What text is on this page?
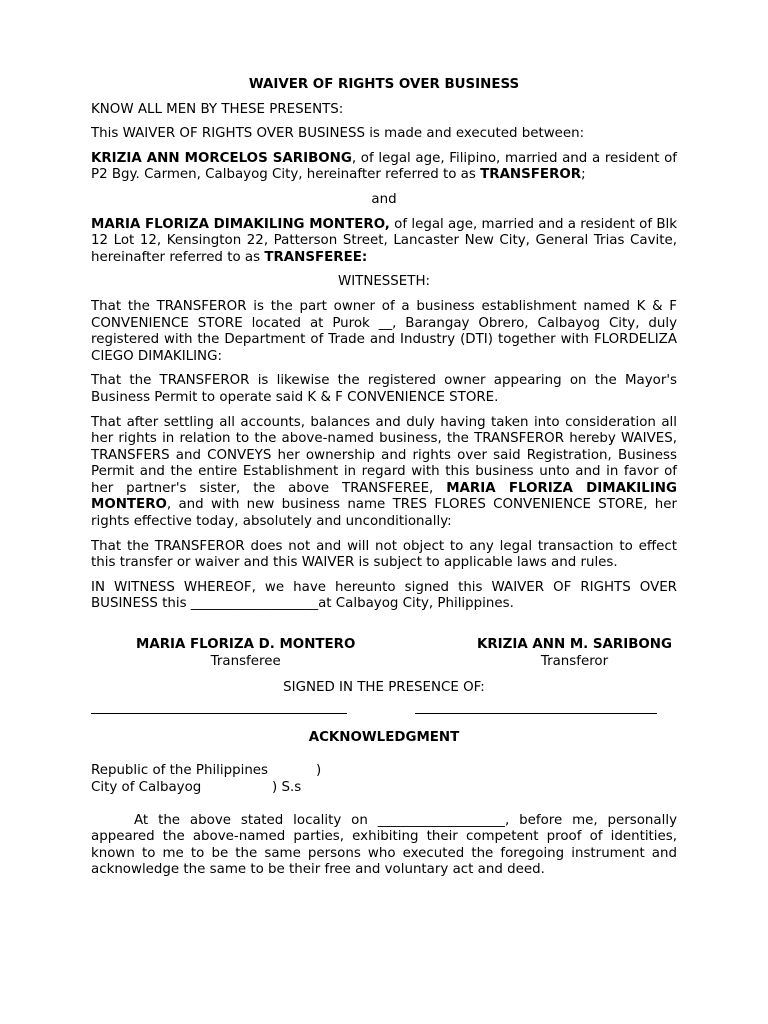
WAIVER OF RIGHTS OVER BUSINESS

KNOW ALL MEN BY THESE PRESENTS:

This WAIVER OF RIGHTS OVER BUSINESS is made and executed between:

KRIZIA ANN MORCELOS SARIBONG, of legal age, Filipino, married and a resident of P2 Bgy. Carmen, Calbayog City, hereinafter referred to as TRANSFEROR;

and

MARIA FLORIZA DIMAKILING MONTERO, of legal age, married and a resident of Blk 12 Lot 12, Kensington 22, Patterson Street, Lancaster New City, General Trias Cavite, hereinafter referred to as TRANSFEREE:

WITNESSETH:

That the TRANSFEROR is the part owner of a business establishment named K & F CONVENIENCE STORE located at Purok __, Barangay Obrero, Calbayog City, duly registered with the Department of Trade and Industry (DTI) together with FLORDELIZA CIEGO DIMAKILING:

That the TRANSFEROR is likewise the registered owner appearing on the Mayor's Business Permit to operate said K & F CONVENIENCE STORE.

That after settling all accounts, balances and duly having taken into consideration all her rights in relation to the above-named business, the TRANSFEROR hereby WAIVES, TRANSFERS and CONVEYS her ownership and rights over said Registration, Business Permit and the entire Establishment in regard with this business unto and in favor of her partner's sister, the above TRANSFEREE, MARIA FLORIZA DIMAKILING MONTERO, and with new business name TRES FLORES CONVENIENCE STORE, her rights effective today, absolutely and unconditionally:

That the TRANSFEROR does not and will not object to any legal transaction to effect this transfer or waiver and this WAIVER is subject to applicable laws and rules.

IN WITNESS WHEREOF, we have hereunto signed this WAIVER OF RIGHTS OVER BUSINESS this ___________________at Calbayog City, Philippines.

MARIA FLORIZA D. MONTERO

Transferee

KRIZIA ANN M. SARIBONG

Transferor

SIGNED IN THE PRESENCE OF:

ACKNOWLEDGMENT

Republic of the Philippines	)
City of Calbayog	) S.s

At the above stated locality on ___________________, before me, personally appeared the above-named parties, exhibiting their competent proof of identities, known to me to be the same persons who executed the foregoing instrument and acknowledge the same to be their free and voluntary act and deed.
